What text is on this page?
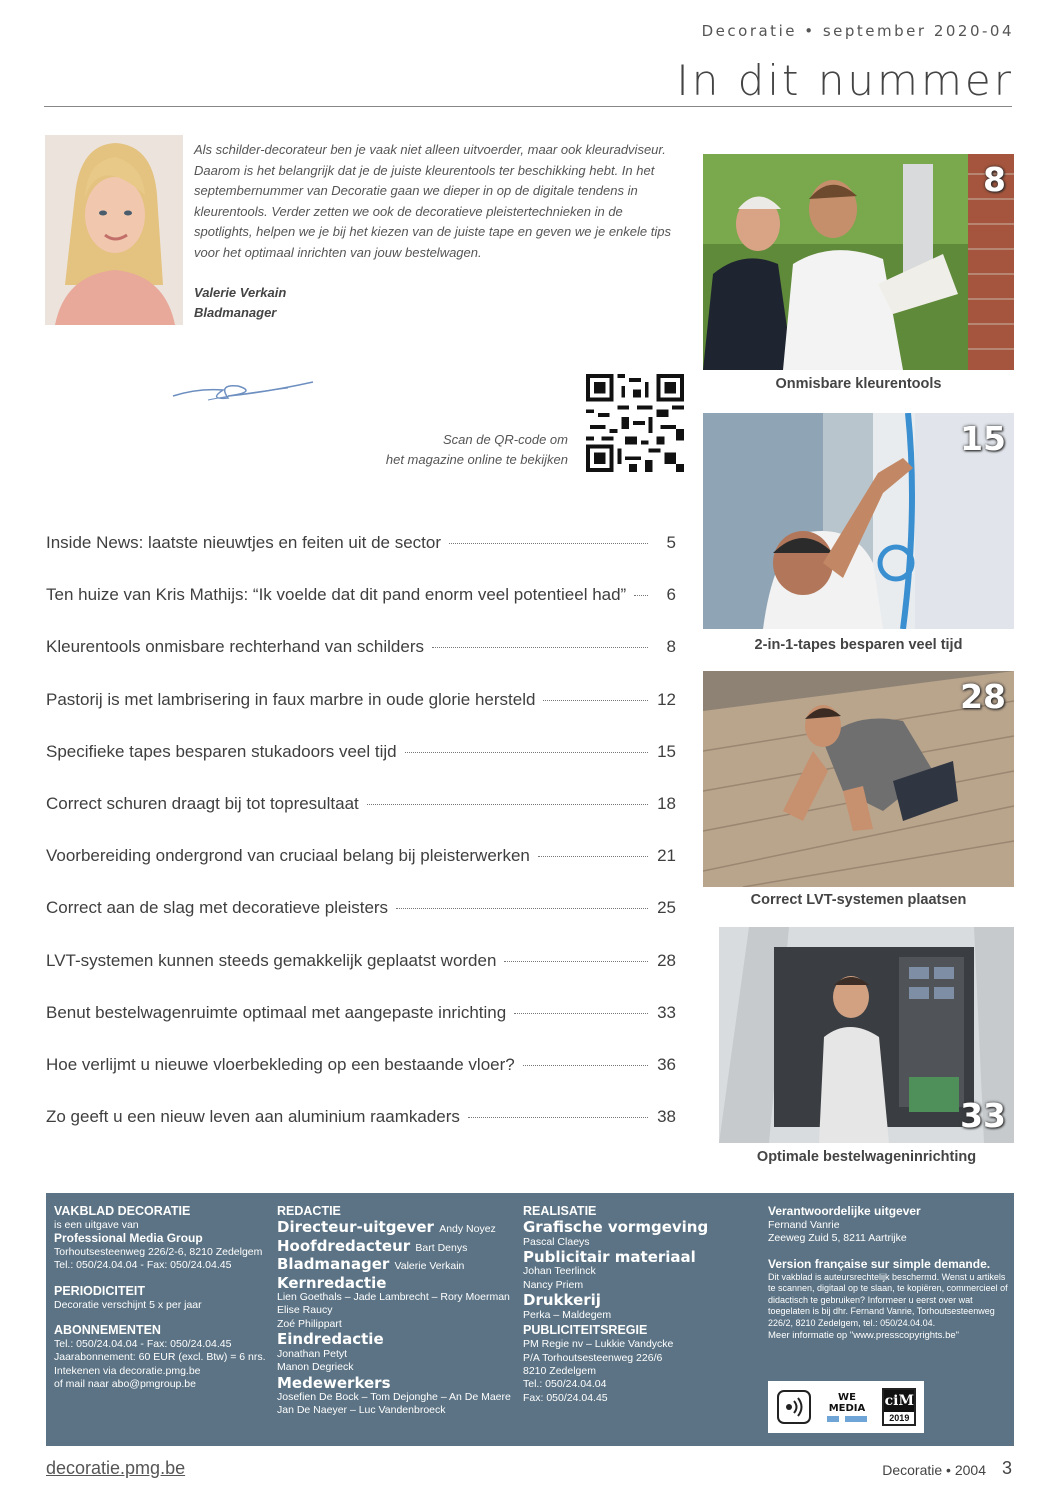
Decoratie • september 2020-04
In dit nummer
Als schilder-decorateur ben je vaak niet alleen uitvoerder, maar ook kleuradviseur. Daarom is het belangrijk dat je de juiste kleurentools ter beschikking hebt. In het septembernummer van Decoratie gaan we dieper in op de digitale tendens in kleurentools. Verder zetten we ook de decoratieve pleistertechnieken in de spotlights, helpen we je bij het kiezen van de juiste tape en geven we je enkele tips voor het optimaal inrichten van jouw bestelwagen.
Valerie Verkain
Bladmanager
Scan de QR-code om
het magazine online te bekijken
Inside News: laatste nieuwtjes en feiten uit de sector	5
Ten huize van Kris Mathijs: “Ik voelde dat dit pand enorm veel potentieel had”	6
Kleurentools onmisbare rechterhand van schilders	8
Pastorij is met lambrisering in faux marbre in oude glorie hersteld	12
Specifieke tapes besparen stukadoors veel tijd	15
Correct schuren draagt bij tot topresultaat	18
Voorbereiding ondergrond van cruciaal belang bij pleisterwerken	21
Correct aan de slag met decoratieve pleisters	25
LVT-systemen kunnen steeds gemakkelijk geplaatst worden	28
Benut bestelwagenruimte optimaal met aangepaste inrichting	33
Hoe verlijmt u nieuwe vloerbekleding op een bestaande vloer?	36
Zo geeft u een nieuw leven aan aluminium raamkaders	38
8
Onmisbare kleurentools
15
2-in-1-tapes besparen veel tijd
28
Correct LVT-systemen plaatsen
33
Optimale bestelwageninrichting
VAKBLAD DECORATIE
is een uitgave van
Professional Media Group
Torhoutsesteenweg 226/2-6, 8210 Zedelgem
Tel.: 050/24.04.04 - Fax: 050/24.04.45
PERIODICITEIT
Decoratie verschijnt 5 x per jaar
ABONNEMENTEN
Tel.: 050/24.04.04 - Fax: 050/24.04.45
Jaarabonnement: 60 EUR (excl. Btw) = 6 nrs.
Intekenen via decoratie.pmg.be
of mail naar abo@pmgroup.be
REDACTIE
Directeur-uitgever Andy Noyez
Hoofdredacteur Bart Denys
Bladmanager Valerie Verkain
Kernredactie
Lien Goethals – Jade Lambrecht – Rory Moerman
Elise Raucy
Zoé Philippart
Eindredactie
Jonathan Petyt
Manon Degrieck
Medewerkers
Josefien De Bock – Tom Dejonghe – An De Maere
Jan De Naeyer – Luc Vandenbroeck
REALISATIE
Grafische vormgeving
Pascal Claeys
Publicitair materiaal
Johan Teerlinck
Nancy Priem
Drukkerij
Perka – Maldegem
PUBLICITEITSREGIE
PM Regie nv – Lukkie Vandycke
P/A Torhoutsesteenweg 226/6
8210 Zedelgem
Tel.: 050/24.04.04
Fax: 050/24.04.45
Verantwoordelijke uitgever
Fernand Vanrie
Zeeweg Zuid 5, 8211 Aartrijke
Version française sur simple demande.
Dit vakblad is auteursrechtelijk beschermd. Wenst u artikels te scannen, digitaal op te slaan, te kopiëren, commercieel of didactisch te gebruiken? Informeer u eerst over wat toegelaten is bij dhr. Fernand Vanrie, Torhoutsesteenweg 226/2, 8210 Zedelgem, tel.: 050/24.04.04.
Meer informatie op "www.presscopyrights.be"
WE
MEDIA ciM
2019
decoratie.pmg.be	Decoratie • 2004 3
